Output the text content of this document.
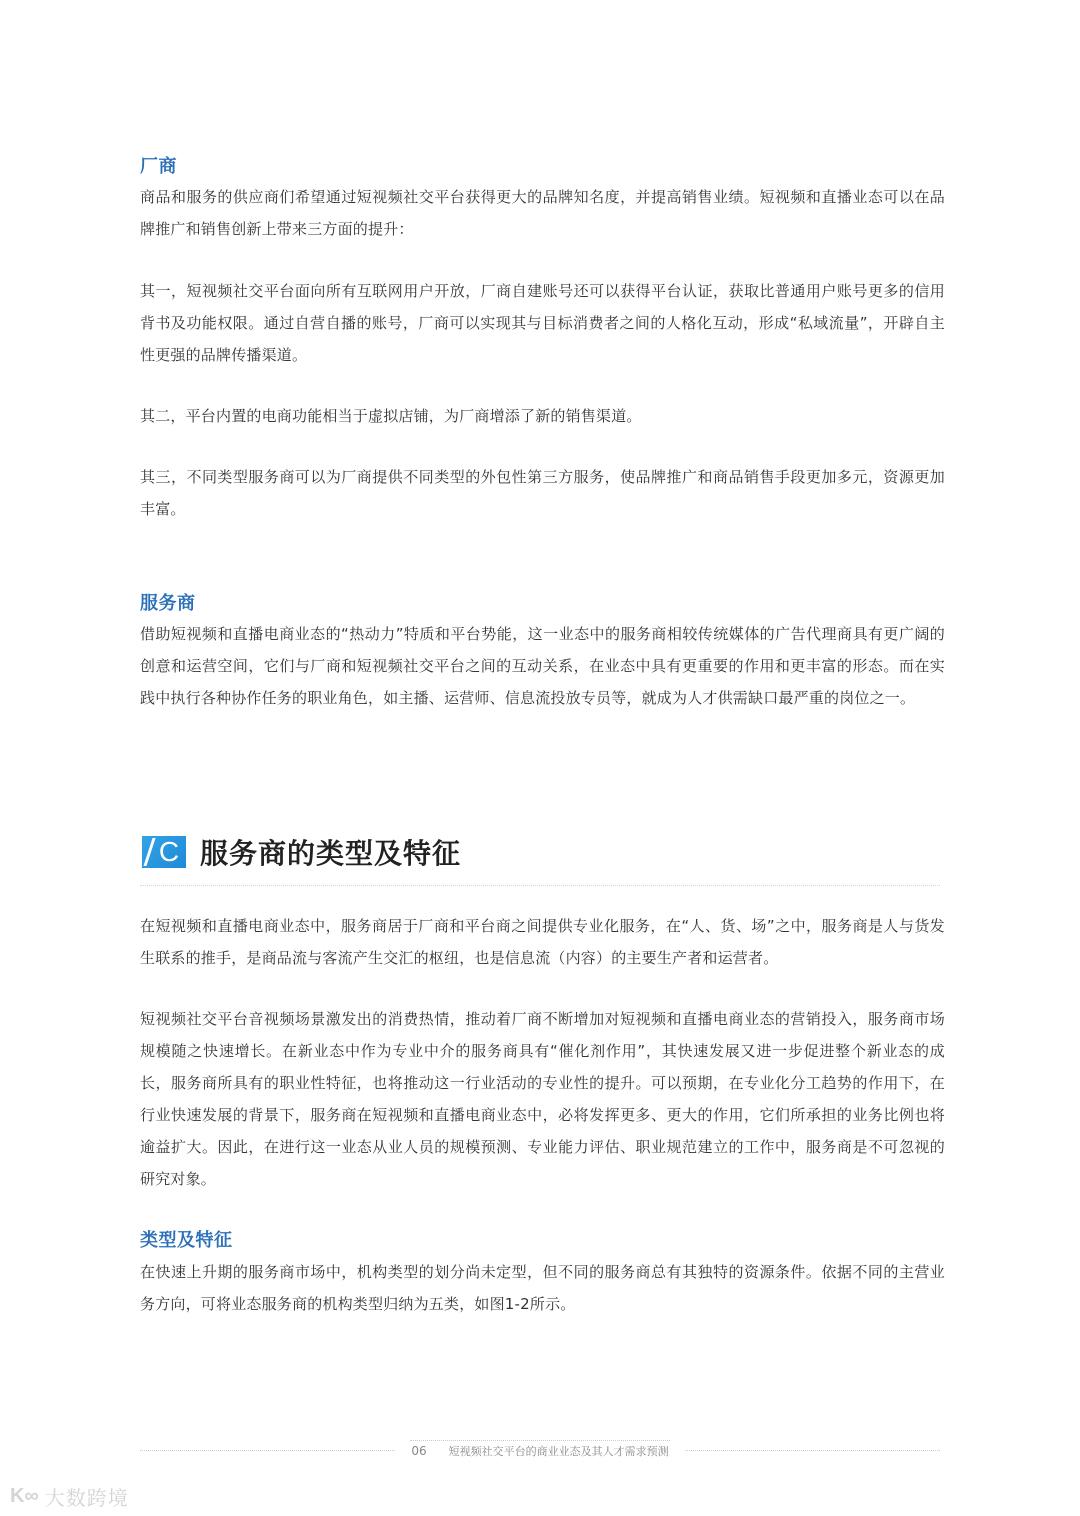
厂商

商品和服务的供应商们希望通过短视频社交平台获得更大的品牌知名度，并提高销售业绩。短视频和直播业态可以在品牌推广和销售创新上带来三方面的提升：

其一，短视频社交平台面向所有互联网用户开放，厂商自建账号还可以获得平台认证，获取比普通用户账号更多的信用背书及功能权限。通过自营自播的账号，厂商可以实现其与目标消费者之间的人格化互动，形成“私域流量”，开辟自主性更强的品牌传播渠道。

其二，平台内置的电商功能相当于虚拟店铺，为厂商增添了新的销售渠道。

其三，不同类型服务商可以为厂商提供不同类型的外包性第三方服务，使品牌推广和商品销售手段更加多元，资源更加丰富。

服务商

借助短视频和直播电商业态的“热动力”特质和平台势能，这一业态中的服务商相较传统媒体的广告代理商具有更广阔的创意和运营空间，它们与厂商和短视频社交平台之间的互动关系，在业态中具有更重要的作用和更丰富的形态。而在实践中执行各种协作任务的职业角色，如主播、运营师、信息流投放专员等，就成为人才供需缺口最严重的岗位之一。

C 服务商的类型及特征

在短视频和直播电商业态中，服务商居于厂商和平台商之间提供专业化服务，在“人、货、场”之中，服务商是人与货发生联系的推手，是商品流与客流产生交汇的枢纽，也是信息流（内容）的主要生产者和运营者。

短视频社交平台音视频场景激发出的消费热情，推动着厂商不断增加对短视频和直播电商业态的营销投入，服务商市场规模随之快速增长。在新业态中作为专业中介的服务商具有“催化剂作用”，其快速发展又进一步促进整个新业态的成长，服务商所具有的职业性特征，也将推动这一行业活动的专业性的提升。可以预期，在专业化分工趋势的作用下，在行业快速发展的背景下，服务商在短视频和直播电商业态中，必将发挥更多、更大的作用，它们所承担的业务比例也将逾益扩大。因此，在进行这一业态从业人员的规模预测、专业能力评估、职业规范建立的工作中，服务商是不可忽视的研究对象。

类型及特征

在快速上升期的服务商市场中，机构类型的划分尚未定型，但不同的服务商总有其独特的资源条件。依据不同的主营业务方向，可将业态服务商的机构类型归纳为五类，如图1-2所示。

06 短视频社交平台的商业业态及其人才需求预测
K∞ 大数跨境
